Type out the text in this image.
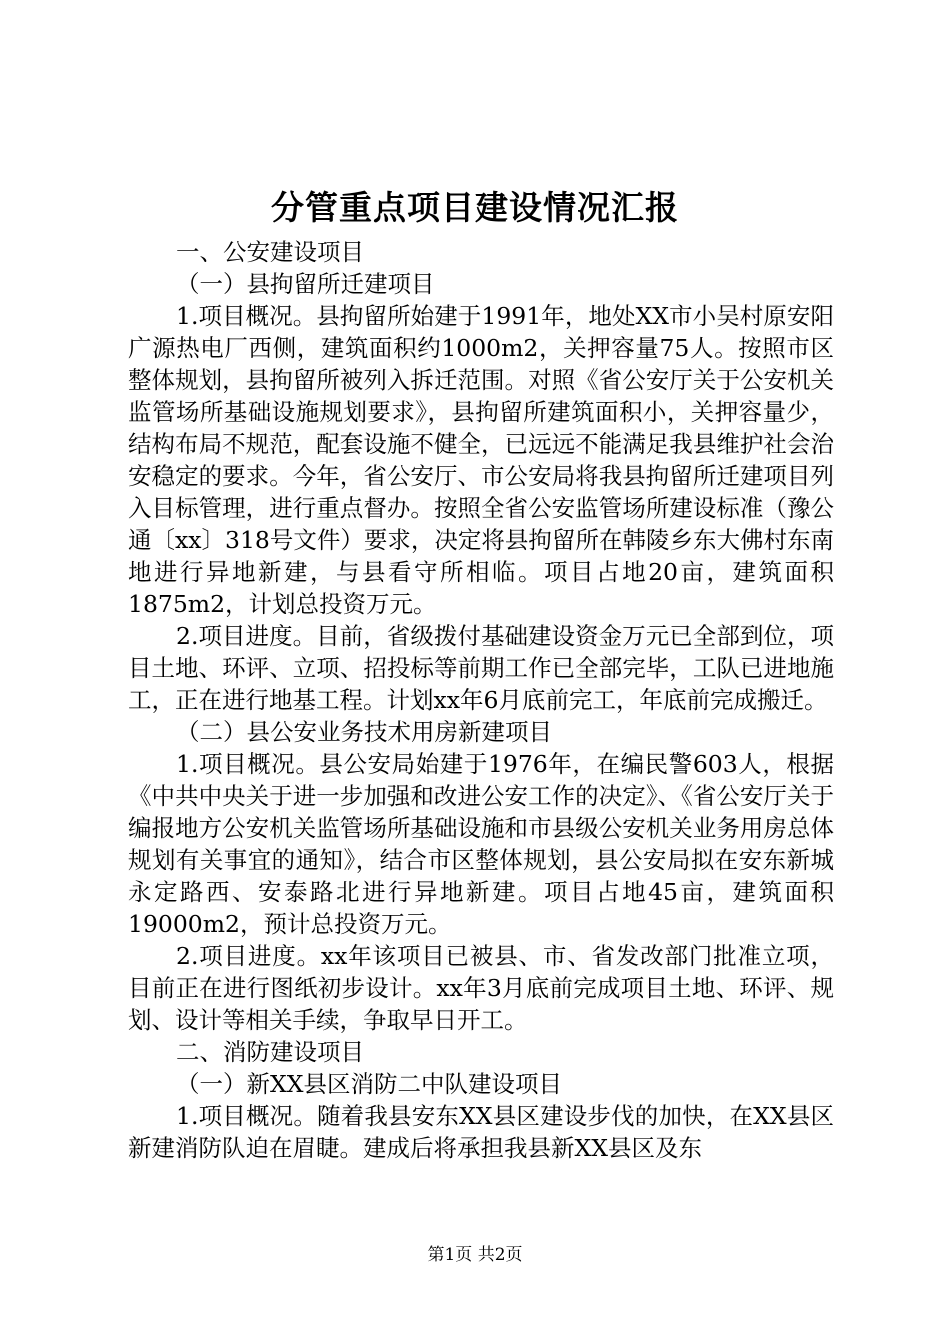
分管重点项目建设情况汇报

一、公安建设项目

（一）县拘留所迁建项目

1.项目概况。县拘留所始建于1991年，地处XX市小吴村原安阳广源热电厂西侧，建筑面积约1000m2，关押容量75人。按照市区整体规划，县拘留所被列入拆迁范围。对照《省公安厅关于公安机关监管场所基础设施规划要求》，县拘留所建筑面积小，关押容量少，结构布局不规范，配套设施不健全，已远远不能满足我县维护社会治安稳定的要求。今年，省公安厅、市公安局将我县拘留所迁建项目列入目标管理，进行重点督办。按照全省公安监管场所建设标准（豫公通〔xx〕318号文件）要求，决定将县拘留所在韩陵乡东大佛村东南地进行异地新建，与县看守所相临。项目占地20亩，建筑面积1875m2，计划总投资万元。

2.项目进度。目前，省级拨付基础建设资金万元已全部到位，项目土地、环评、立项、招投标等前期工作已全部完毕，工队已进地施工，正在进行地基工程。计划xx年6月底前完工，年底前完成搬迁。

（二）县公安业务技术用房新建项目

1.项目概况。县公安局始建于1976年，在编民警603人，根据《中共中央关于进一步加强和改进公安工作的决定》、《省公安厅关于编报地方公安机关监管场所基础设施和市县级公安机关业务用房总体规划有关事宜的通知》，结合市区整体规划，县公安局拟在安东新城永定路西、安泰路北进行异地新建。项目占地45亩，建筑面积19000m2，预计总投资万元。

2.项目进度。xx年该项目已被县、市、省发改部门批准立项，目前正在进行图纸初步设计。xx年3月底前完成项目土地、环评、规划、设计等相关手续，争取早日开工。

二、消防建设项目

（一）新XX县区消防二中队建设项目

1.项目概况。随着我县安东XX县区建设步伐的加快，在XX县区新建消防队迫在眉睫。建成后将承担我县新XX县区及东

第1页 共2页
